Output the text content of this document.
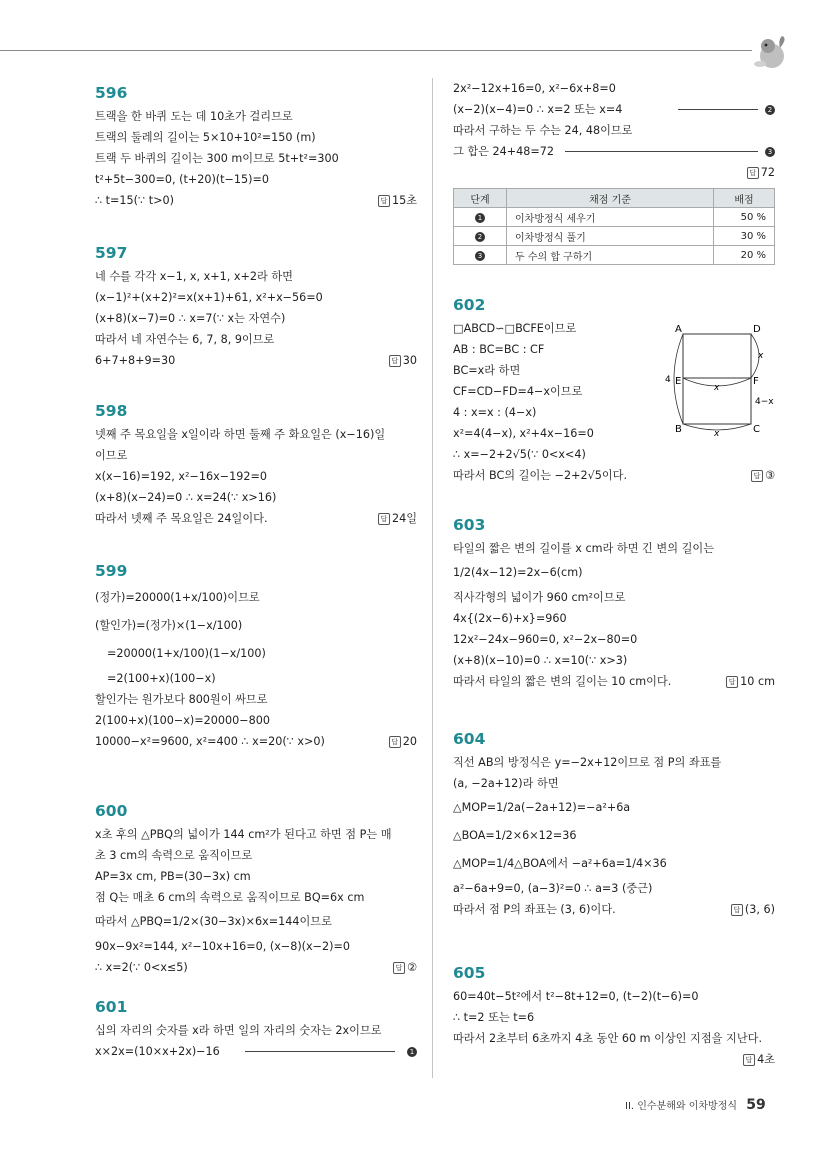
596
트랙을 한 바퀴 도는 데 10초가 걸리므로
트랙의 둘레의 길이는 5×10+10²=150 (m)
트랙 두 바퀴의 길이는 300 m이므로 5t+t²=300
t²+5t−300=0, (t+20)(t−15)=0
∴ t=15(∵ t>0)	답 15초
597
네 수를 각각 x−1, x, x+1, x+2라 하면
(x−1)²+(x+2)²=x(x+1)+61, x²+x−56=0
(x+8)(x−7)=0 ∴ x=7(∵ x는 자연수)
따라서 네 자연수는 6, 7, 8, 9이므로
6+7+8+9=30	답 30
598
넷째 주 목요일을 x일이라 하면 둘째 주 화요일은 (x−16)일
이므로
x(x−16)=192, x²−16x−192=0
(x+8)(x−24)=0 ∴ x=24(∵ x>16)
따라서 넷째 주 목요일은 24일이다.	답 24일
599
(정가)=20000(1+x/100)이므로
(할인가)=(정가)×(1−x/100)
=20000(1+x/100)(1−x/100)
=2(100+x)(100−x)
할인가는 원가보다 800원이 싸므로
2(100+x)(100−x)=20000−800
10000−x²=9600, x²=400 ∴ x=20(∵ x>0)	답 20
600
x초 후의 △PBQ의 넓이가 144 cm²가 된다고 하면 점 P는 매
초 3 cm의 속력으로 움직이므로
AP=3x cm, PB=(30−3x) cm
점 Q는 매초 6 cm의 속력으로 움직이므로 BQ=6x cm
따라서 △PBQ=1/2×(30−3x)×6x=144이므로
90x−9x²=144, x²−10x+16=0, (x−8)(x−2)=0
∴ x=2(∵ 0<x≤5)	답 ②
601
십의 자리의 숫자를 x라 하면 일의 자리의 숫자는 2x이므로
x×2x=(10×x+2x)−16	1
2x²−12x+16=0, x²−6x+8=0
(x−2)(x−4)=0 ∴ x=2 또는 x=4	2
따라서 구하는 두 수는 24, 48이므로
그 합은 24+48=72	3
답 72
단계	채점 기준	배점
1	이차방정식 세우기	50 %
2	이차방정식 풀기	30 %
3	두 수의 합 구하기	20 %
602
□ABCD∽□BCFE이므로
AB : BC=BC : CF
BC=x라 하면
CF=CD−FD=4−x이므로
4 : x=x : (4−x)
x²=4(4−x), x²+4x−16=0
∴ x=−2+2√5(∵ 0<x<4)
따라서 BC의 길이는 −2+2√5이다.	답 ③
A	D
E	F
B	C
4
x
x
x
4−x
603
타일의 짧은 변의 길이를 x cm라 하면 긴 변의 길이는
1/2(4x−12)=2x−6(cm)
직사각형의 넓이가 960 cm²이므로
4x{(2x−6)+x}=960
12x²−24x−960=0, x²−2x−80=0
(x+8)(x−10)=0 ∴ x=10(∵ x>3)
따라서 타일의 짧은 변의 길이는 10 cm이다.	답 10 cm
604
직선 AB의 방정식은 y=−2x+12이므로 점 P의 좌표를
(a, −2a+12)라 하면
△MOP=1/2a(−2a+12)=−a²+6a
△BOA=1/2×6×12=36
△MOP=1/4△BOA에서 −a²+6a=1/4×36
a²−6a+9=0, (a−3)²=0 ∴ a=3 (중근)
따라서 점 P의 좌표는 (3, 6)이다.	답 (3, 6)
605
60=40t−5t²에서 t²−8t+12=0, (t−2)(t−6)=0
∴ t=2 또는 t=6
따라서 2초부터 6초까지 4초 동안 60 m 이상인 지점을 지난다.
답 4초
II. 인수분해와 이차방정식 59
